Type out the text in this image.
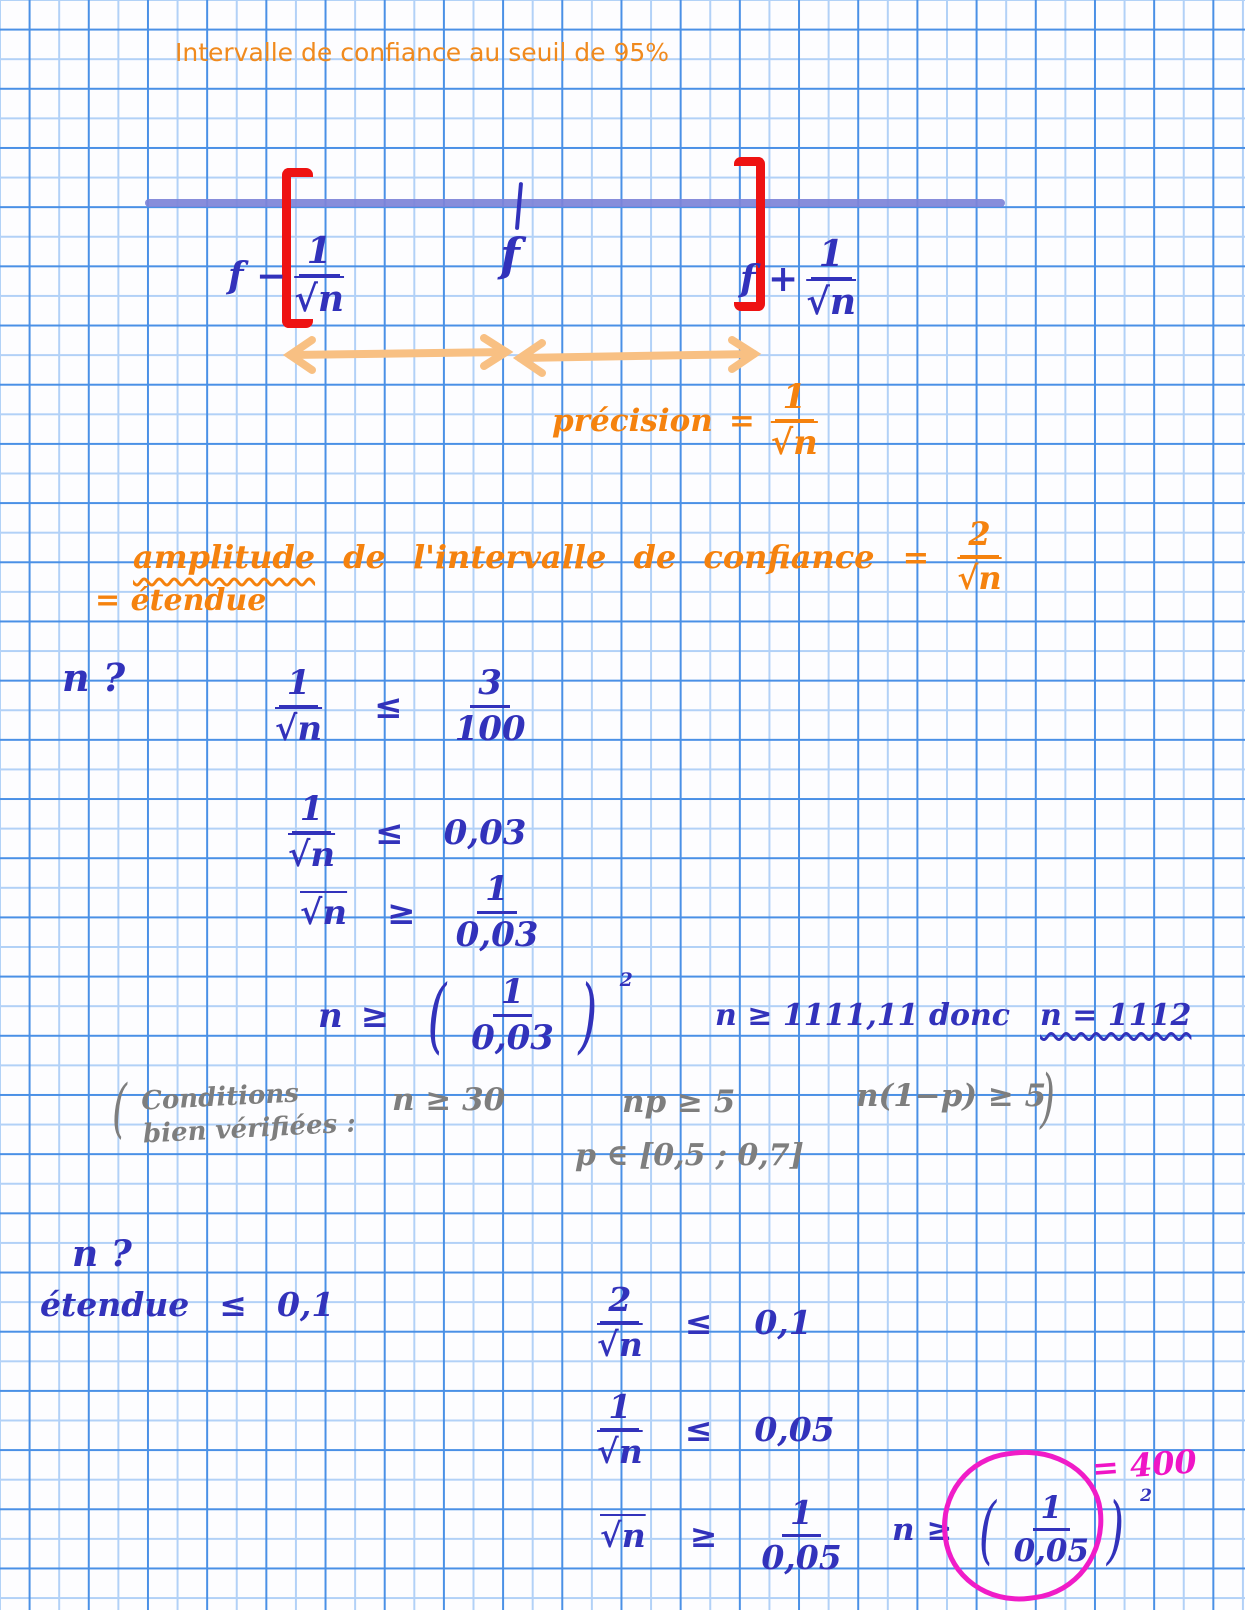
Intervalle de confiance au seuil de 95%
$f - \frac{1}{√n}$	f	$f + \frac{1}{√n}$
précision = $\frac{1}{√n}$
amplitude de l'intervalle de confiance = $\frac{2}{√n}$
= étendue
n ?	$\frac{1}{√n} \le \frac{3}{100}$
$\frac{1}{√n} \le 0,03$
$√n \ge \frac{1}{0,03}$
n ≥ ( $\frac{1}{0,03}$ ) 2
n ≥ 1111,11 donc n = 1112
( Conditions
bien vérifiées :
n ≥ 30	np ≥ 5	n(1−p) ≥ 5
)
p ∈ [0,5 ; 0,7]
n ?
étendue ≤ 0,1	$\frac{2}{√n} \le 0,1$
$\frac{1}{√n} \le 0,05$
$√n \ge \frac{1}{0,05}$ n ≥ ( $\frac{1}{0,05}$ ) 2
= 400
